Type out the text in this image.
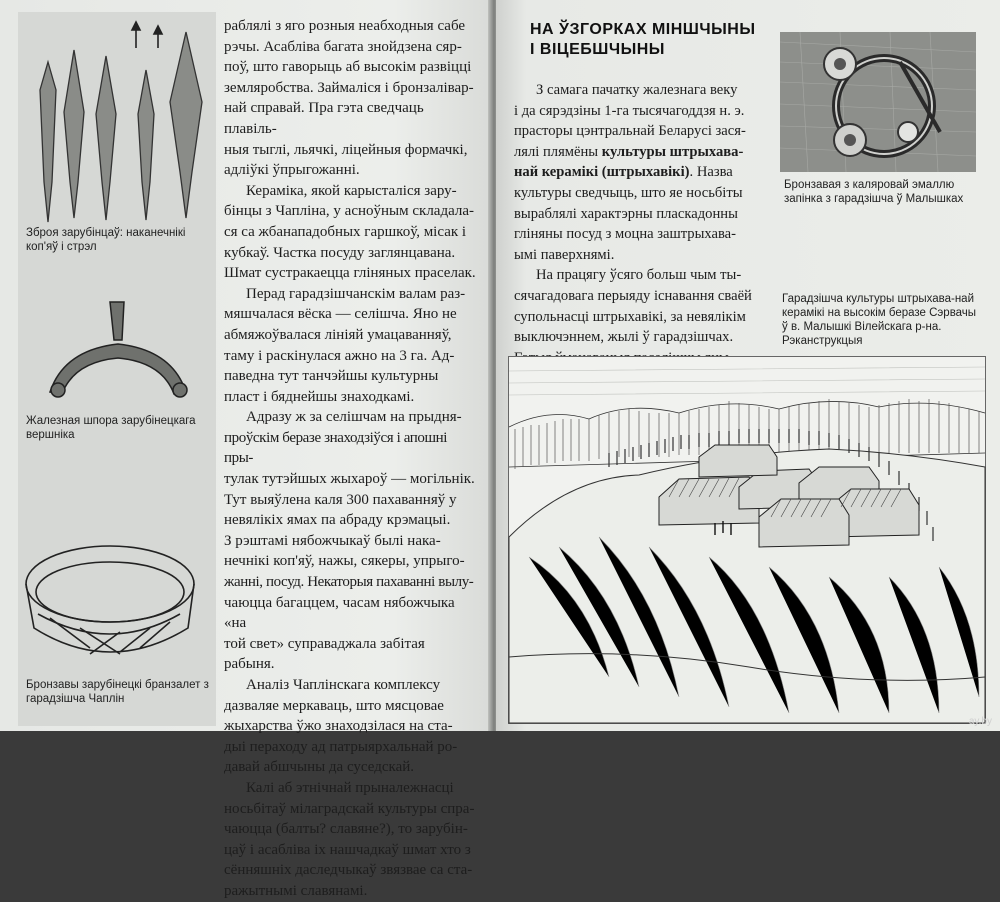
Зброя зарубінцаў: наканечнікі коп'яў і стрэл
Жалезная шпора зарубінецкага вершніка
Бронзавы зарубінецкі бранзалет з гарадзішча Чаплін

раблялі з яго розныя неабходныя сабе

рэчы. Асабліва багата знойдзена сяр-

поў, што гаворыць аб высокім развіцці

земляробства. Займаліся і бронзалівар-

най справай. Пра гэта сведчаць плавіль-

ныя тыглі, льячкі, ліцейныя формачкі,

адліўкі ўпрыгожанні.

Кераміка, якой карысталіся зару-

бінцы з Чапліна, у асноўным складала-

ся са жбанападобных гаршкоў, місак і

кубкаў. Частка посуду заглянцавана.

Шмат сустракаецца гліняных праселак.

Перад гарадзішчанскім валам раз-

мяшчалася вёска — селішча. Яно не

абмяжоўвалася лініяй умацаванняў,

таму і раскінулася ажно на 3 га. Ад-

паведна тут танчэйшы культурны

пласт і бяднейшы знаходкамі.

Адразу ж за селішчам на прыдня-

проўскім беразе знаходзіўся і апошні пры-

тулак тутэйшых жыхароў — могільнік.

Тут выяўлена каля 300 пахаванняў у

невялікіх ямах па абраду крэмацыі.

З рэштамі нябожчыкаў былі нака-

нечнікі коп'яў, нажы, сякеры, упрыго-

жанні, посуд. Некаторыя пахаванні вылу-

чаюцца багаццем, часам нябожчыка «на

той свет» суправаджала забітая рабыня.

Аналіз Чаплінскага комплексу

дазваляе меркаваць, што мясцовае

жыхарства ўжо знаходзілася на ста-

дыі пераходу ад патрыярхальнай ро-

давай абшчыны да суседскай.

Калі аб этнічнай прыналежнасці

носьбітаў мілаградскай культуры спра-

чаюцца (балты? славяне?), то зарубін-

цаў і асабліва іх нашчадкаў шмат хто з

сённяшніх даследчыкаў звязвае са ста-

ражытнымі славянамі.

НА ЎЗГОРКАХ МІНШЧЫНЫ
І ВІЦЕБШЧЫНЫ

З самага пачатку жалезнага веку

і да сярэдзіны 1-га тысячагоддзя н. э.

прасторы цэнтральнай Беларусі зася-

лялі плямёны культуры штрыхава-

най керамікі (штрыхавікі). Назва

культуры сведчыць, што яе носьбіты

выраблялі характэрны пласкадонны

гліняны посуд з моцна заштрыхава-

ымі паверхнямі.

На працягу ўсяго больш чым ты-

сячагадовага перыяду існавання сваёй

супольнасці штрыхавікі, за невялікім

выключэннем, жылі ў гарадзішчах.

Бронзавая з каляровай эмаллю запінка з гарадзішча ў Малышках
Гарадзішча культуры штрыхава-най керамікі на высокім беразе Сэрвачы ў в. Малышкі Вілейскага р-на. Рэканструкцыя
ay.by
